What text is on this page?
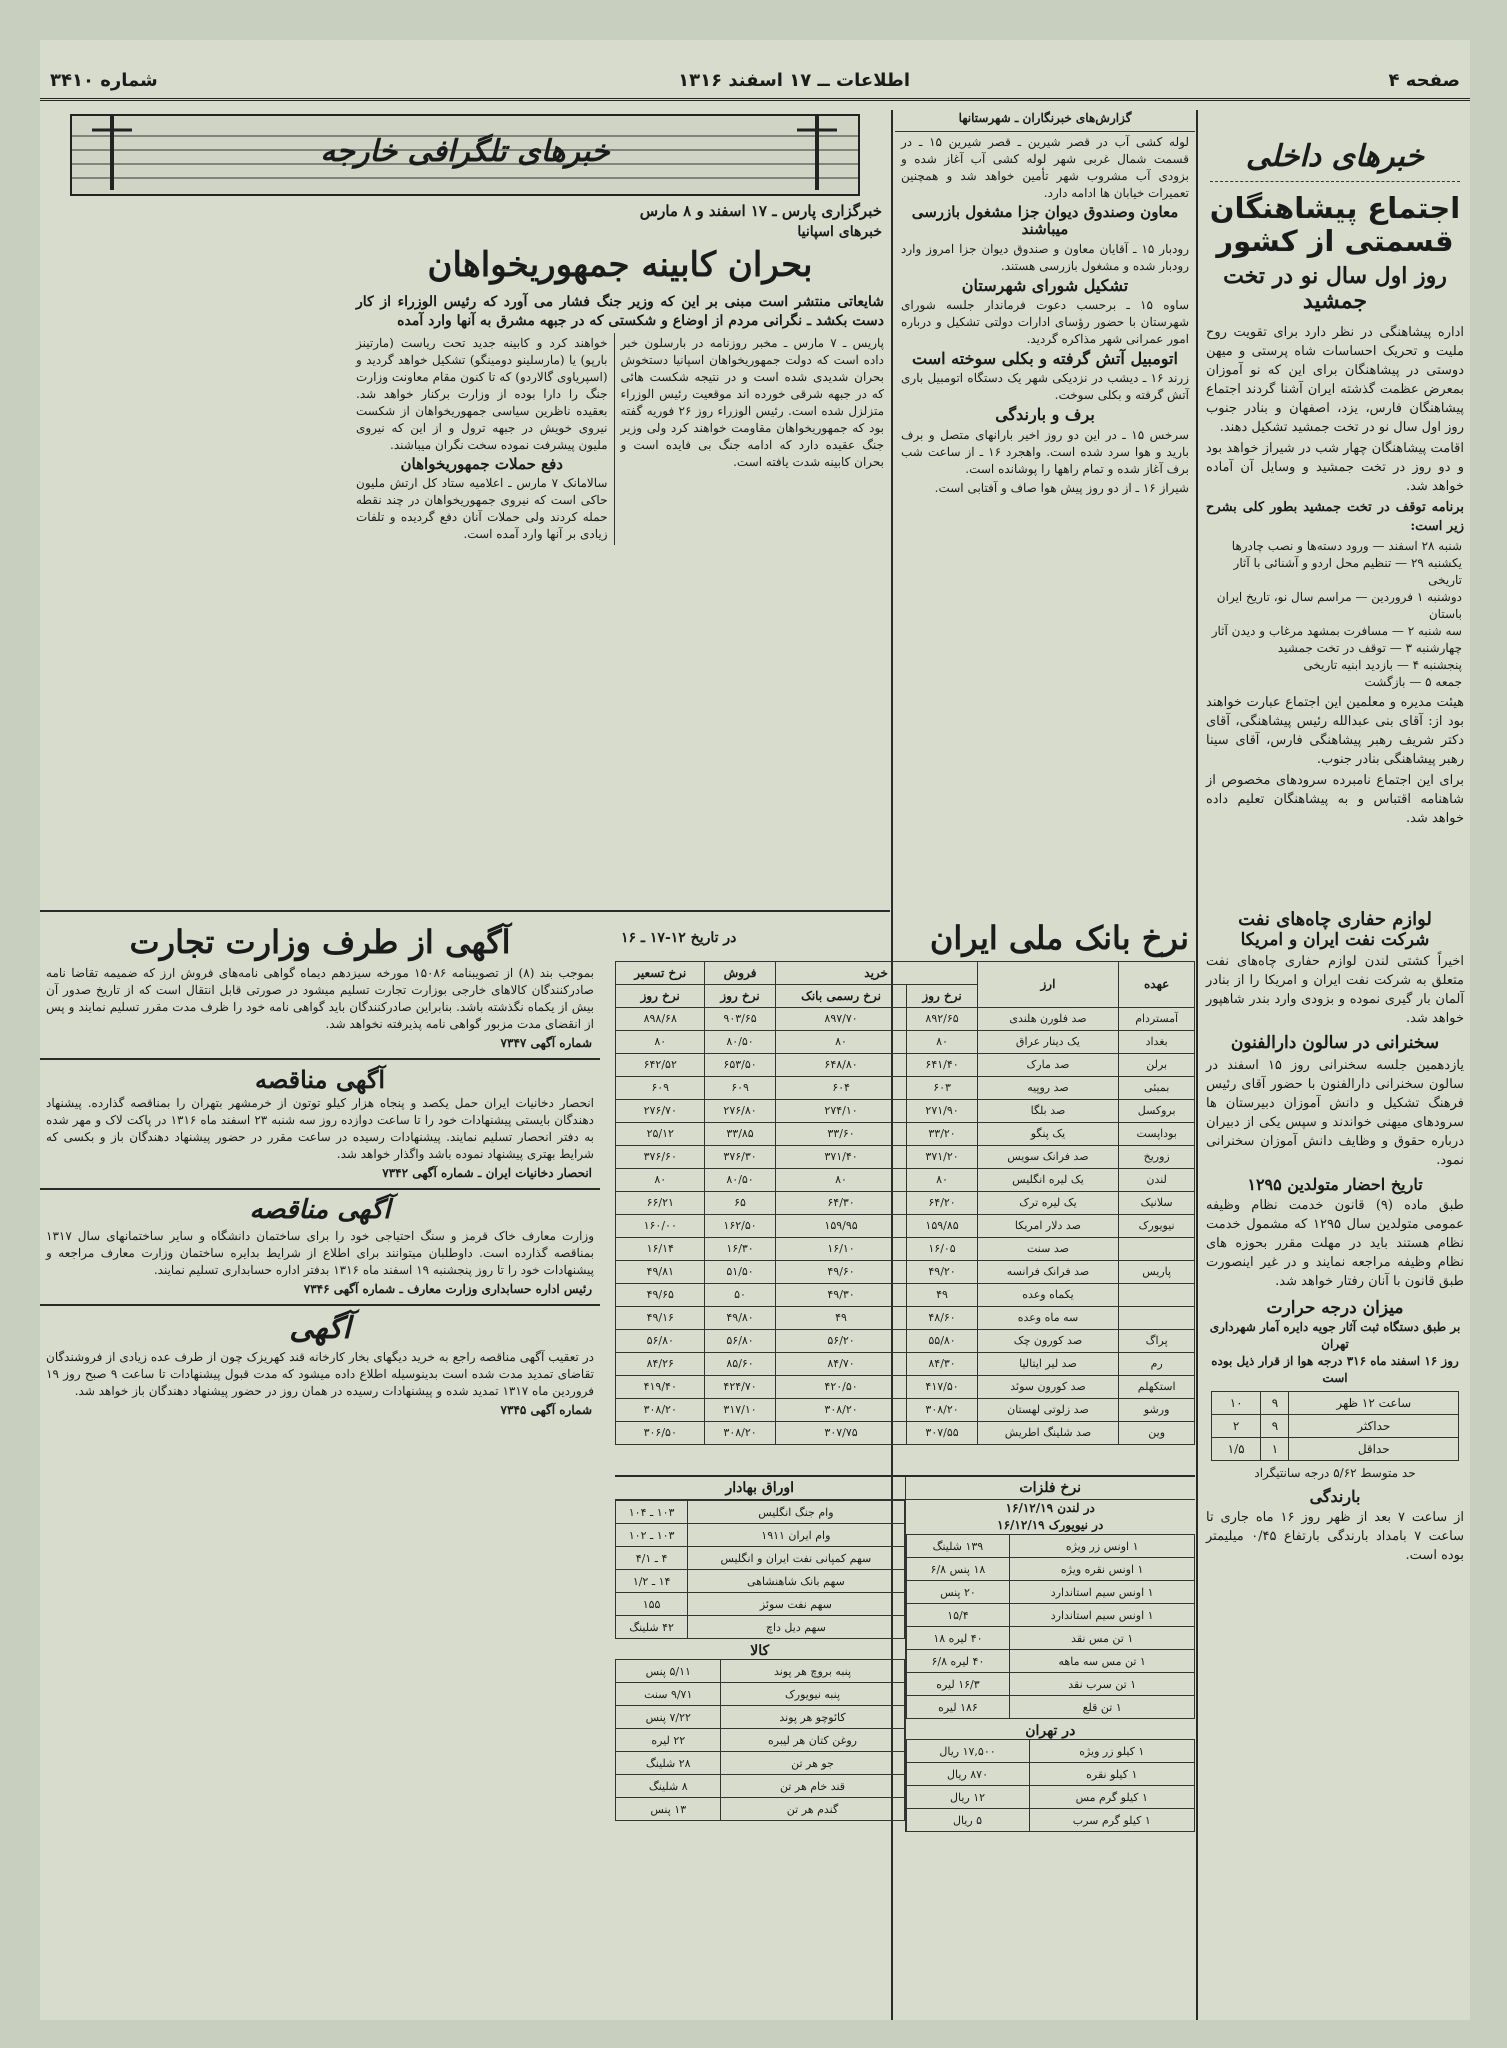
صفحه ۴
اطلاعات ــ ۱۷ اسفند ۱۳۱۶
شماره ۳۴۱۰
خبرهای داخلی
اجتماع پیشاهنگان قسمتی از کشور
روز اول سال نو در تخت جمشید

اداره پیشاهنگی در نظر دارد برای تقویت روح ملیت و تحریک احساسات شاه پرستی و میهن دوستی در پیشاهنگان برای این که نو آموزان بمعرض عظمت گذشته ایران آشنا گردند اجتماع پیشاهنگان فارس، یزد، اصفهان و بنادر جنوب روز اول سال نو در تخت جمشید تشکیل دهند.

اقامت پیشاهنگان چهار شب در شیراز خواهد بود و دو روز در تخت جمشید و وسایل آن آماده خواهد شد.

برنامه توقف در تخت جمشید بطور کلی بشرح زیر است:

شنبه ۲۸ اسفند — ورود دسته‌ها و نصب چادرها
یکشنبه ۲۹ — تنظیم محل اردو و آشنائی با آثار تاریخی
دوشنبه ۱ فروردین — مراسم سال نو، تاریخ ایران باستان
سه شنبه ۲ — مسافرت بمشهد مرغاب و دیدن آثار
چهارشنبه ۳ — توقف در تخت جمشید
پنجشنبه ۴ — بازدید ابنیه تاریخی
جمعه ۵ — بازگشت

هیئت مدیره و معلمین این اجتماع عبارت خواهند بود از: آقای بنی عبدالله رئیس پیشاهنگی، آقای دکتر شریف رهبر پیشاهنگی فارس، آقای سینا رهبر پیشاهنگی بنادر جنوب.

برای این اجتماع نامبرده سرودهای مخصوص از شاهنامه اقتباس و به پیشاهنگان تعلیم داده خواهد شد.

لوازم حفاری چاه‌های نفت
شرکت نفت ایران و امریکا

اخیراً کشتی لندن لوازم حفاری چاه‌های نفت متعلق به شرکت نفت ایران و امریکا را از بنادر آلمان بار گیری نموده و بزودی وارد بندر شاهپور خواهد شد.

سخنرانی در سالون دارالفنون

یازدهمین جلسه سخنرانی روز ۱۵ اسفند در سالون سخنرانی دارالفنون با حضور آقای رئیس فرهنگ تشکیل و دانش آموزان دبیرستان ها سرودهای میهنی خواندند و سپس یکی از دبیران درباره حقوق و وظایف دانش آموزان سخنرانی نمود.

تاریخ احضار متولدین ۱۲۹۵

طبق ماده (۹) قانون خدمت نظام وظیفه عمومی متولدین سال ۱۲۹۵ که مشمول خدمت نظام هستند باید در مهلت مقرر بحوزه های نظام وظیفه مراجعه نمایند و در غیر اینصورت طبق قانون با آنان رفتار خواهد شد.

میزان درجه حرارت
بر طبق دستگاه ثبت آثار جویه دایره آمار شهرداری تهران
روز ۱۶ اسفند ماه ۳۱۶ درجه هوا از قرار ذیل بوده است
ساعت ۱۲ ظهر	۹	۱۰
حداکثر	۹	۲
حداقل	۱	۱/۵
حد متوسط ۵/۶۲ درجه سانتیگراد
بارندگی

از ساعت ۷ بعد از ظهر روز ۱۶ ماه جاری تا ساعت ۷ بامداد بارندگی بارتفاع ۰/۴۵ میلیمتر بوده است.

گزارش‌های خبرنگاران ـ شهرستانها

لوله کشی آب در قصر شیرین ـ قصر شیرین ۱۵ ـ در قسمت شمال غربی شهر لوله کشی آب آغاز شده و بزودی آب مشروب شهر تأمین خواهد شد و همچنین تعمیرات خیابان ها ادامه دارد.

معاون وصندوق دیوان جزا مشغول بازرسی میباشند

رودبار ۱۵ ـ آقایان معاون و صندوق دیوان جزا امروز وارد رودبار شده و مشغول بازرسی هستند.

تشکیل شورای شهرستان

ساوه ۱۵ ـ برحسب دعوت فرماندار جلسه شورای شهرستان با حضور رؤسای ادارات دولتی تشکیل و درباره امور عمرانی شهر مذاکره گردید.

اتومبیل آتش گرفته و بکلی سوخته است

زرند ۱۶ ـ دیشب در نزدیکی شهر یک دستگاه اتومبیل باری آتش گرفته و بکلی سوخت.

برف و بارندگی

سرخس ۱۵ ـ در این دو روز اخیر بارانهای متصل و برف بارید و هوا سرد شده است. واهجرد ۱۶ ـ از ساعت شب برف آغاز شده و تمام راهها را پوشانده است.

شیراز ۱۶ ـ از دو روز پیش هوا صاف و آفتابی است.

خبرهای تلگرافی خارجه
خبرگزاری پارس ـ ۱۷ اسفند و ۸ مارس
خبرهای اسپانیا
بحران کابینه جمهوریخواهان

شایعاتی منتشر است مبنی بر این که وزیر جنگ فشار می آورد که رئیس الوزراء از کار دست بکشد ـ نگرانی مردم از اوضاع و شکستی که در جبهه مشرق به آنها وارد آمده

پاریس ـ ۷ مارس ـ مخبر روزنامه در بارسلون خبر داده است که دولت جمهوریخواهان اسپانیا دستخوش بحران شدیدی شده است و در نتیجه شکست هائی که در جبهه شرقی خورده اند موقعیت رئیس الوزراء متزلزل شده است. رئیس الوزراء روز ۲۶ فوریه گفته بود که جمهوریخواهان مقاومت خواهند کرد ولی وزیر جنگ عقیده دارد که ادامه جنگ بی فایده است و بحران کابینه شدت یافته است.

خواهند کرد و کابینه جدید تحت ریاست (مارتینز بارپو) یا (مارسلینو دومینگو) تشکیل خواهد گردید و (اسپریاوی گالاردو) که تا کنون مقام معاونت وزارت جنگ را دارا بوده از وزارت برکنار خواهد شد. بعقیده ناظرین سیاسی جمهوریخواهان از شکست نیروی خویش در جبهه ترول و از این که نیروی ملیون پیشرفت نموده سخت نگران میباشند.

دفع حملات جمهوریخواهان

سالامانک ۷ مارس ـ اعلامیه ستاد کل ارتش ملیون حاکی است که نیروی جمهوریخواهان در چند نقطه حمله کردند ولی حملات آنان دفع گردیده و تلفات زیادی بر آنها وارد آمده است.

نرخ بانک ملی ایران
در تاریخ ۱۲-۱۷ ـ ۱۶
عهده	ارز	خرید		فروش	نرخ تسعیر
		نرخ روز	نرخ رسمی بانک	نرخ روز	نرخ روز
آمستردام	صد فلورن هلندی	۸۹۲/۶۵	۸۹۷/۷۰	۹۰۳/۶۵	۸۹۸/۶۸
بغداد	یک دینار عراق	۸۰	۸۰	۸۰/۵۰	۸۰
برلن	صد مارک	۶۴۱/۴۰	۶۴۸/۸۰	۶۵۳/۵۰	۶۴۲/۵۲
بمبئی	صد روپیه	۶۰۳	۶۰۴	۶۰۹	۶۰۹
بروکسل	صد بلگا	۲۷۱/۹۰	۲۷۴/۱۰	۲۷۶/۸۰	۲۷۶/۷۰
بوداپست	یک پنگو	۳۳/۲۰	۳۳/۶۰	۳۳/۸۵	۲۵/۱۲
زوریخ	صد فرانک سویس	۳۷۱/۲۰	۳۷۱/۴۰	۳۷۶/۳۰	۳۷۶/۶۰
لندن	یک لیره انگلیس	۸۰	۸۰	۸۰/۵۰	۸۰
سلانیک	یک لیره ترک	۶۴/۲۰	۶۴/۳۰	۶۵	۶۶/۲۱
نیویورک	صد دلار امریکا	۱۵۹/۸۵	۱۵۹/۹۵	۱۶۲/۵۰	۱۶۰/۰۰
	صد سنت	۱۶/۰۵	۱۶/۱۰	۱۶/۳۰	۱۶/۱۴
پاریس	صد فرانک فرانسه	۴۹/۲۰	۴۹/۶۰	۵۱/۵۰	۴۹/۸۱
	یکماه وعده	۴۹	۴۹/۳۰	۵۰	۴۹/۶۵
	سه ماه وعده	۴۸/۶۰	۴۹	۴۹/۸۰	۴۹/۱۶
پراگ	صد کورون چک	۵۵/۸۰	۵۶/۲۰	۵۶/۸۰	۵۶/۸۰
رم	صد لیر ایتالیا	۸۴/۳۰	۸۴/۷۰	۸۵/۶۰	۸۴/۲۶
استکهلم	صد کورون سوئد	۴۱۷/۵۰	۴۲۰/۵۰	۴۲۴/۷۰	۴۱۹/۴۰
ورشو	صد زلوتی لهستان	۳۰۸/۲۰	۳۰۸/۲۰	۳۱۷/۱۰	۳۰۸/۲۰
وین	صد شلینگ اطریش	۳۰۷/۵۵	۳۰۷/۷۵	۳۰۸/۲۰	۳۰۶/۵۰
نرخ فلزات
در لندن ۱۶/۱۲/۱۹
در نیویورک ۱۶/۱۲/۱۹
۱ اونس زر ویژه	۱۳۹ شلینگ
۱ اونس نقره ویژه	۱۸ پنس ۶/۸
۱ اونس سیم استاندارد	۲۰ پنس
۱ اونس سیم استاندارد	۱۵/۴
۱ تن مس نقد	۴۰ لیره ۱۸
۱ تن مس سه ماهه	۴۰ لیره ۶/۸
۱ تن سرب نقد	۱۶/۳ لیره
۱ تن قلع	۱۸۶ لیره
در تهران
۱ کیلو زر ویژه	۱۷,۵۰۰ ریال
۱ کیلو نقره	۸۷۰ ریال
۱ کیلو گرم مس	۱۲ ریال
۱ کیلو گرم سرب	۵ ریال
اوراق بهادار
وام جنگ انگلیس	۱۰۳ ـ ۱۰۴
وام ایران ۱۹۱۱	۱۰۳ ـ ۱۰۲
سهم کمپانی نفت ایران و انگلیس	۴ ـ ۴/۱
سهم بانک شاهنشاهی	۱۴ ـ ۱/۲
سهم نفت سوئز	۱۵۵
سهم دیل داچ	۴۲ شلینگ
کالا
پنبه بروچ هر پوند	۵/۱۱ پنس
پنبه نیویورک	۹/۷۱ سنت
کائوچو هر پوند	۷/۲۲ پنس
روغن کتان هر لیبره	۲۲ لیره
جو هر تن	۲۸ شلینگ
قند خام هر تن	۸ شلینگ
گندم هر تن	۱۳ پنس
آگهی از طرف وزارت تجارت

بموجب بند (۸) از تصویبنامه ۱۵۰۸۶ مورخه سیزدهم دیماه گواهی نامه‌های فروش ارز که ضمیمه تقاضا نامه صادرکنندگان کالاهای خارجی بوزارت تجارت تسلیم میشود در صورتی قابل انتقال است که از تاریخ صدور آن بیش از یکماه نگذشته باشد. بنابراین صادرکنندگان باید گواهی نامه خود را ظرف مدت مقرر تسلیم نمایند و پس از انقضای مدت مزبور گواهی نامه پذیرفته نخواهد شد.

شماره آگهی ۷۳۴۷
آگهی مناقصه

انحصار دخانیات ایران حمل یکصد و پنجاه هزار کیلو توتون از خرمشهر بتهران را بمناقصه گذارده. پیشنهاد دهندگان بایستی پیشنهادات خود را تا ساعت دوازده روز سه شنبه ۲۳ اسفند ماه ۱۳۱۶ در پاکت لاک و مهر شده به دفتر انحصار تسلیم نمایند. پیشنهادات رسیده در ساعت مقرر در حضور پیشنهاد دهندگان باز و بکسی که شرایط بهتری پیشنهاد نموده باشد واگذار خواهد شد.

انحصار دخانیات ایران ـ شماره آگهی ۷۳۴۲
آگهی مناقصه

وزارت معارف خاک قرمز و سنگ احتیاجی خود را برای ساختمان دانشگاه و سایر ساختمانهای سال ۱۳۱۷ بمناقصه گذارده است. داوطلبان میتوانند برای اطلاع از شرایط بدایره ساختمان وزارت معارف مراجعه و پیشنهادات خود را تا روز پنجشنبه ۱۹ اسفند ماه ۱۳۱۶ بدفتر اداره حسابداری تسلیم نمایند.

رئیس اداره حسابداری وزارت معارف ـ شماره آگهی ۷۳۴۶
آگهی

در تعقیب آگهی مناقصه راجع به خرید دیگهای بخار کارخانه قند کهریزک چون از طرف عده زیادی از فروشندگان تقاضای تمدید مدت شده است بدینوسیله اطلاع داده میشود که مدت قبول پیشنهادات تا ساعت ۹ صبح روز ۱۹ فروردین ماه ۱۳۱۷ تمدید شده و پیشنهادات رسیده در همان روز در حضور پیشنهاد دهندگان باز خواهد شد.

شماره آگهی ۷۳۴۵
